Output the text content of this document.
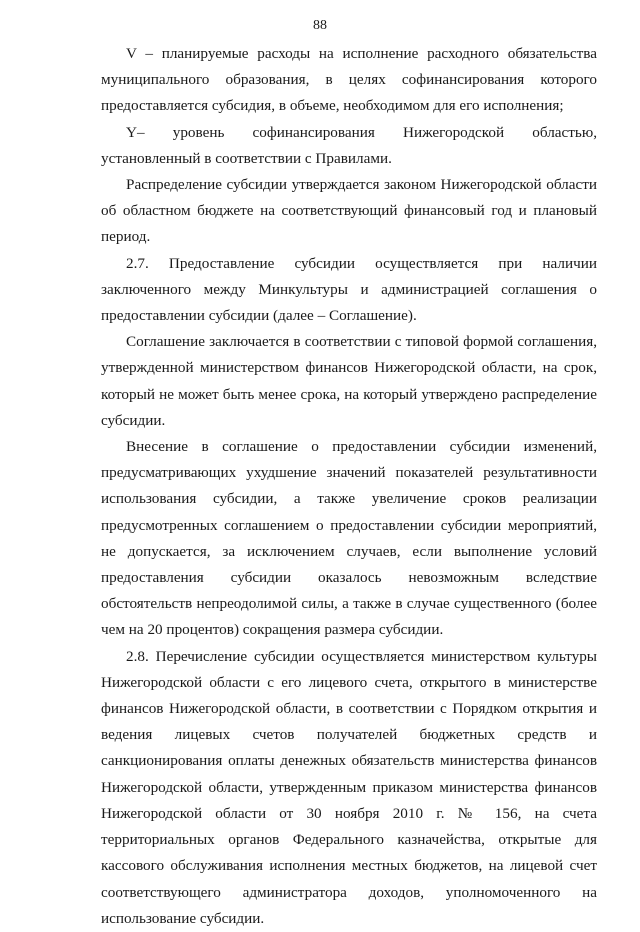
88

V – планируемые расходы на исполнение расходного обязательства муниципального образования, в целях софинансирования которого предоставляется субсидия, в объеме, необходимом для его исполнения;

Y– уровень софинансирования Нижегородской областью, установленный в соответствии с Правилами.

Распределение субсидии утверждается законом Нижегородской области об областном бюджете на соответствующий финансовый год и плановый период.

2.7. Предоставление субсидии осуществляется при наличии заключенного между Минкультуры и администрацией соглашения о предоставлении субсидии (далее – Соглашение).

Соглашение заключается в соответствии с типовой формой соглашения, утвержденной министерством финансов Нижегородской области, на срок, который не может быть менее срока, на который утверждено распределение субсидии.

Внесение в соглашение о предоставлении субсидии изменений, предусматривающих ухудшение значений показателей результативности использования субсидии, а также увеличение сроков реализации предусмотренных соглашением о предоставлении субсидии мероприятий, не допускается, за исключением случаев, если выполнение условий предоставления субсидии оказалось невозможным вследствие обстоятельств непреодолимой силы, а также в случае существенного (более чем на 20 процентов) сокращения размера субсидии.

2.8. Перечисление субсидии осуществляется министерством культуры Нижегородской области с его лицевого счета, открытого в министерстве финансов Нижегородской области, в соответствии с Порядком открытия и ведения лицевых счетов получателей бюджетных средств и санкционирования оплаты денежных обязательств министерства финансов Нижегородской области, утвержденным приказом министерства финансов Нижегородской области от 30 ноября 2010 г. № 156, на счета территориальных органов Федерального казначейства, открытые для кассового обслуживания исполнения местных бюджетов, на лицевой счет соответствующего администратора доходов, уполномоченного на использование субсидии.
